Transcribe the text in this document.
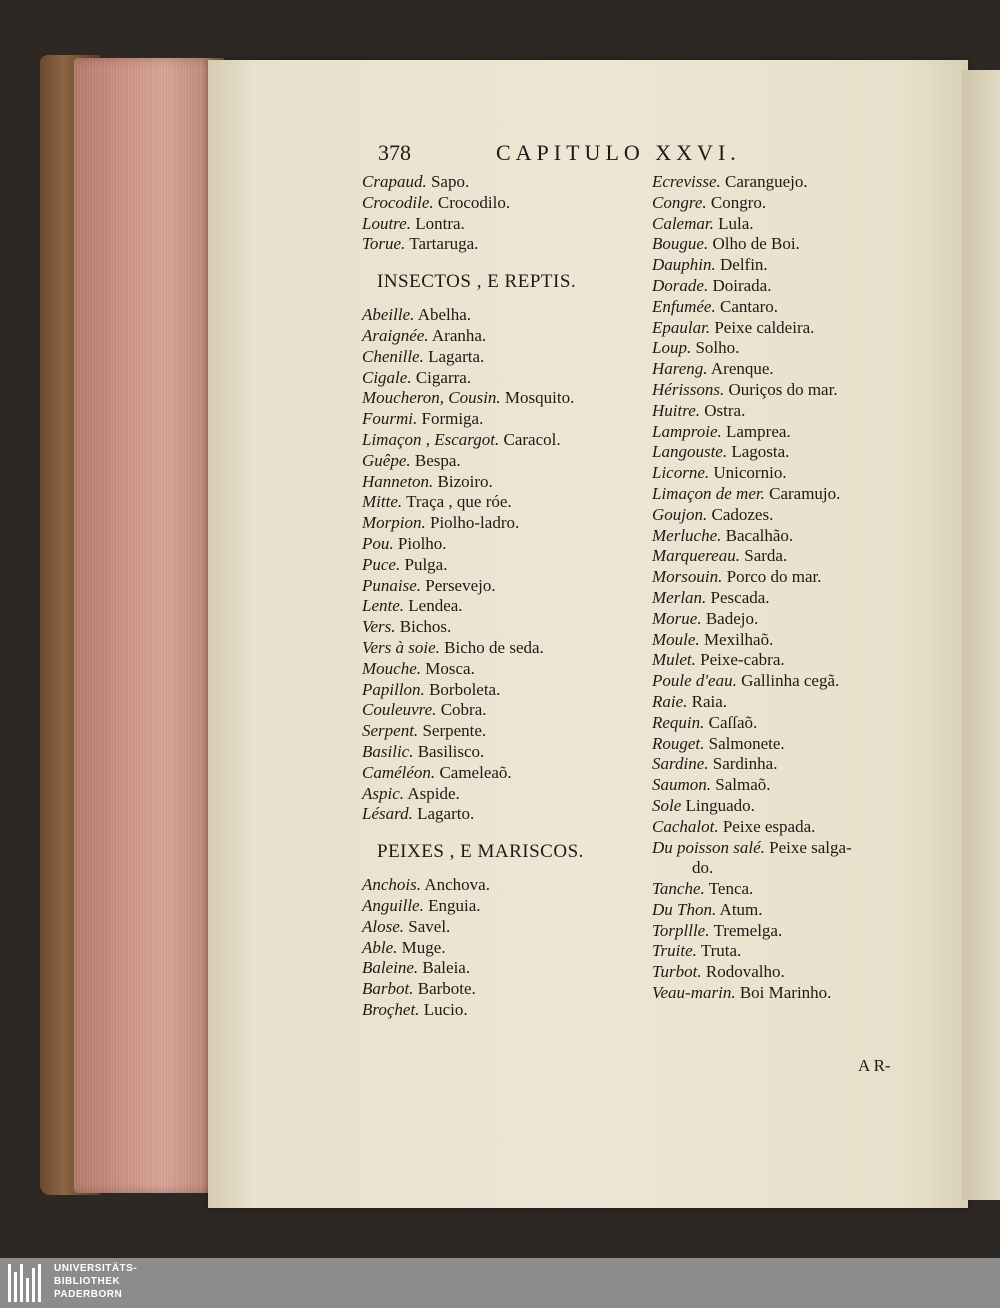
378	CAPITULO XXVI.
Crapaud. Sapo.
Crocodile. Crocodilo.
Loutre. Lontra.
Torue. Tartaruga.
INSECTOS , E REPTIS.
Abeille. Abelha.
Araignée. Aranha.
Chenille. Lagarta.
Cigale. Cigarra.
Moucheron, Cousin. Mosquito.
Fourmi. Formiga.
Limaçon , Escargot. Caracol.
Guêpe. Bespa.
Hanneton. Bizoiro.
Mitte. Traça , que róe.
Morpion. Piolho-ladro.
Pou. Piolho.
Puce. Pulga.
Punaise. Persevejo.
Lente. Lendea.
Vers. Bichos.
Vers à soie. Bicho de seda.
Mouche. Mosca.
Papillon. Borboleta.
Couleuvre. Cobra.
Serpent. Serpente.
Basilic. Basilisco.
Caméléon. Cameleaõ.
Aspic. Aspide.
Lésard. Lagarto.
PEIXES , E MARISCOS.
Anchois. Anchova.
Anguille. Enguia.
Alose. Savel.
Able. Muge.
Baleine. Baleia.
Barbot. Barbote.
Broçhet. Lucio.
Ecrevisse. Caranguejo.
Congre. Congro.
Calemar. Lula.
Bougue. Olho de Boi.
Dauphin. Delfin.
Dorade. Doirada.
Enfumée. Cantaro.
Epaular. Peixe caldeira.
Loup. Solho.
Hareng. Arenque.
Hérissons. Ouriços do mar.
Huitre. Ostra.
Lamproie. Lamprea.
Langouste. Lagosta.
Licorne. Unicornio.
Limaçon de mer. Caramujo.
Goujon. Cadozes.
Merluche. Bacalhão.
Marquereau. Sarda.
Morsouin. Porco do mar.
Merlan. Pescada.
Morue. Badejo.
Moule. Mexilhaõ.
Mulet. Peixe-cabra.
Poule d'eau. Gallinha cegã.
Raie. Raia.
Requin. Caſſaõ.
Rouget. Salmonete.
Sardine. Sardinha.
Saumon. Salmaõ.
Sole Linguado.
Cachalot. Peixe espada.
Du poisson salé. Peixe salga-
do.
Tanche. Tenca.
Du Thon. Atum.
Torpllle. Tremelga.
Truite. Truta.
Turbot. Rodovalho.
Veau-marin. Boi Marinho.
A R-
UNIVERSITÄTS-
BIBLIOTHEK
PADERBORN
